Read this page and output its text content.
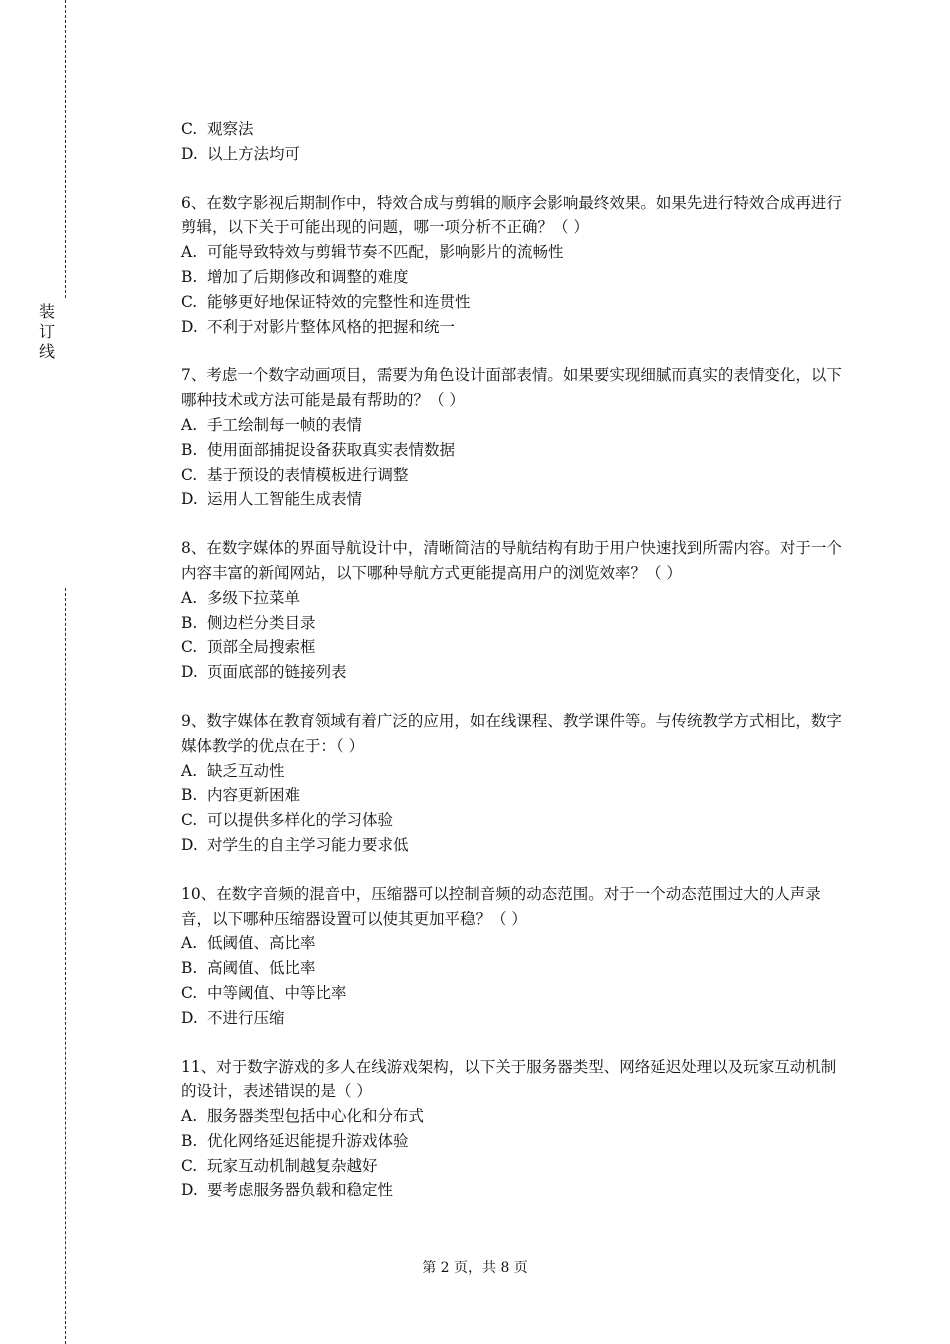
装
订
线

C. 观察法

D. 以上方法均可

6、在数字影视后期制作中，特效合成与剪辑的顺序会影响最终效果。如果先进行特效合成再进行剪辑，以下关于可能出现的问题，哪一项分析不正确？（ ）

A. 可能导致特效与剪辑节奏不匹配，影响影片的流畅性

B. 增加了后期修改和调整的难度

C. 能够更好地保证特效的完整性和连贯性

D. 不利于对影片整体风格的把握和统一

7、考虑一个数字动画项目，需要为角色设计面部表情。如果要实现细腻而真实的表情变化，以下哪种技术或方法可能是最有帮助的？（ ）

A. 手工绘制每一帧的表情

B. 使用面部捕捉设备获取真实表情数据

C. 基于预设的表情模板进行调整

D. 运用人工智能生成表情

8、在数字媒体的界面导航设计中，清晰简洁的导航结构有助于用户快速找到所需内容。对于一个内容丰富的新闻网站，以下哪种导航方式更能提高用户的浏览效率？（ ）

A. 多级下拉菜单

B. 侧边栏分类目录

C. 顶部全局搜索框

D. 页面底部的链接列表

9、数字媒体在教育领域有着广泛的应用，如在线课程、教学课件等。与传统教学方式相比，数字媒体教学的优点在于：（ ）

A. 缺乏互动性

B. 内容更新困难

C. 可以提供多样化的学习体验

D. 对学生的自主学习能力要求低

10、在数字音频的混音中，压缩器可以控制音频的动态范围。对于一个动态范围过大的人声录音，以下哪种压缩器设置可以使其更加平稳？（ ）

A. 低阈值、高比率

B. 高阈值、低比率

C. 中等阈值、中等比率

D. 不进行压缩

11、对于数字游戏的多人在线游戏架构，以下关于服务器类型、网络延迟处理以及玩家互动机制的设计，表述错误的是（ ）

A. 服务器类型包括中心化和分布式

B. 优化网络延迟能提升游戏体验

C. 玩家互动机制越复杂越好

D. 要考虑服务器负载和稳定性

第 2 页，共 8 页
